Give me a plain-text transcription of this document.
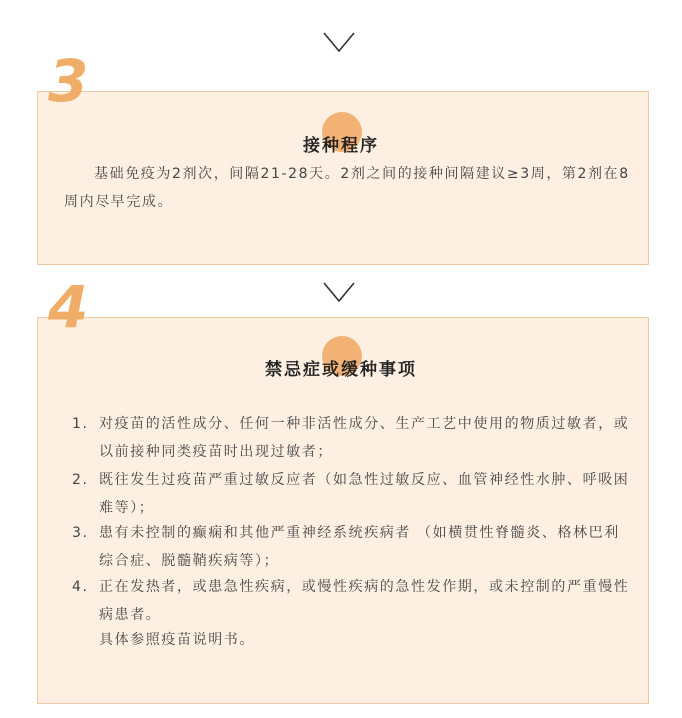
3
接种程序
基础免疫为2剂次，间隔21-28天。2剂之间的接种间隔建议≥3周，第2剂在8周内尽早完成。
4
禁忌症或缓种事项
1. 对疫苗的活性成分、任何一种非活性成分、生产工艺中使用的物质过敏者，或以前接种同类疫苗时出现过敏者；
2. 既往发生过疫苗严重过敏反应者（如急性过敏反应、血管神经性水肿、呼吸困难等）；
3. 患有未控制的癫痫和其他严重神经系统疾病者 （如横贯性脊髓炎、格林巴利综合症、脱髓鞘疾病等）；
4. 正在发热者，或患急性疾病，或慢性疾病的急性发作期，或未控制的严重慢性病患者。
具体参照疫苗说明书。
